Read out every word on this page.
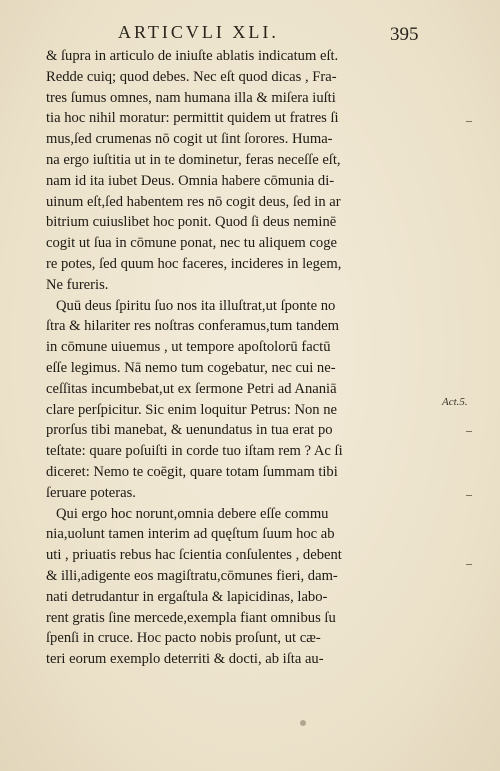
ARTICVLI XLI.	395
& ſupra in articulo de iniuſte ablatis indicatum eſt.
Redde cuiq; quod debes. Nec eſt quod dicas , Fra-
tres ſumus omnes, nam humana illa & miſera iuſti
tia hoc nihil moratur: permittit quidem ut fratres ſi
mus,ſed crumenas nō cogit ut ſint ſorores. Huma-
na ergo iuſtitia ut in te dominetur, feras neceſſe eſt,
nam id ita iubet Deus. Omnia habere cōmunia di-
uinum eſt,ſed habentem res nō cogit deus, ſed in ar
bitrium cuiuslibet hoc ponit. Quod ſi deus neminē
cogit ut ſua in cōmune ponat, nec tu aliquem coge
re potes, ſed quum hoc faceres, incideres in legem,
Ne fureris.
Quū deus ſpiritu ſuo nos ita illuſtrat,ut ſponte no
ſtra & hilariter res noſtras conferamus,tum tandem
in cōmune uiuemus , ut tempore apoſtolorū factū
eſſe legimus. Nā nemo tum cogebatur, nec cui ne-
ceſſitas incumbebat,ut ex ſermone Petri ad Ananiā
clare perſpicitur. Sic enim loquitur Petrus: Non ne
prorſus tibi manebat, & uenundatus in tua erat po
teſtate: quare poſuiſti in corde tuo iſtam rem ? Ac ſi
diceret: Nemo te coēgit, quare totam ſummam tibi
ſeruare poteras.
Qui ergo hoc norunt,omnia debere eſſe commu
nia,uolunt tamen interim ad quęſtum ſuum hoc ab
uti , priuatis rebus hac ſcientia conſulentes , debent
& illi,adigente eos magiſtratu,cōmunes fieri, dam-
nati detrudantur in ergaſtula & lapicidinas, labo-
rent gratis ſine mercede,exempla fiant omnibus ſu
ſpenſi in cruce. Hoc pacto nobis proſunt, ut cæ-
teri eorum exemplo deterriti & docti, ab iſta au-
Act.5.
